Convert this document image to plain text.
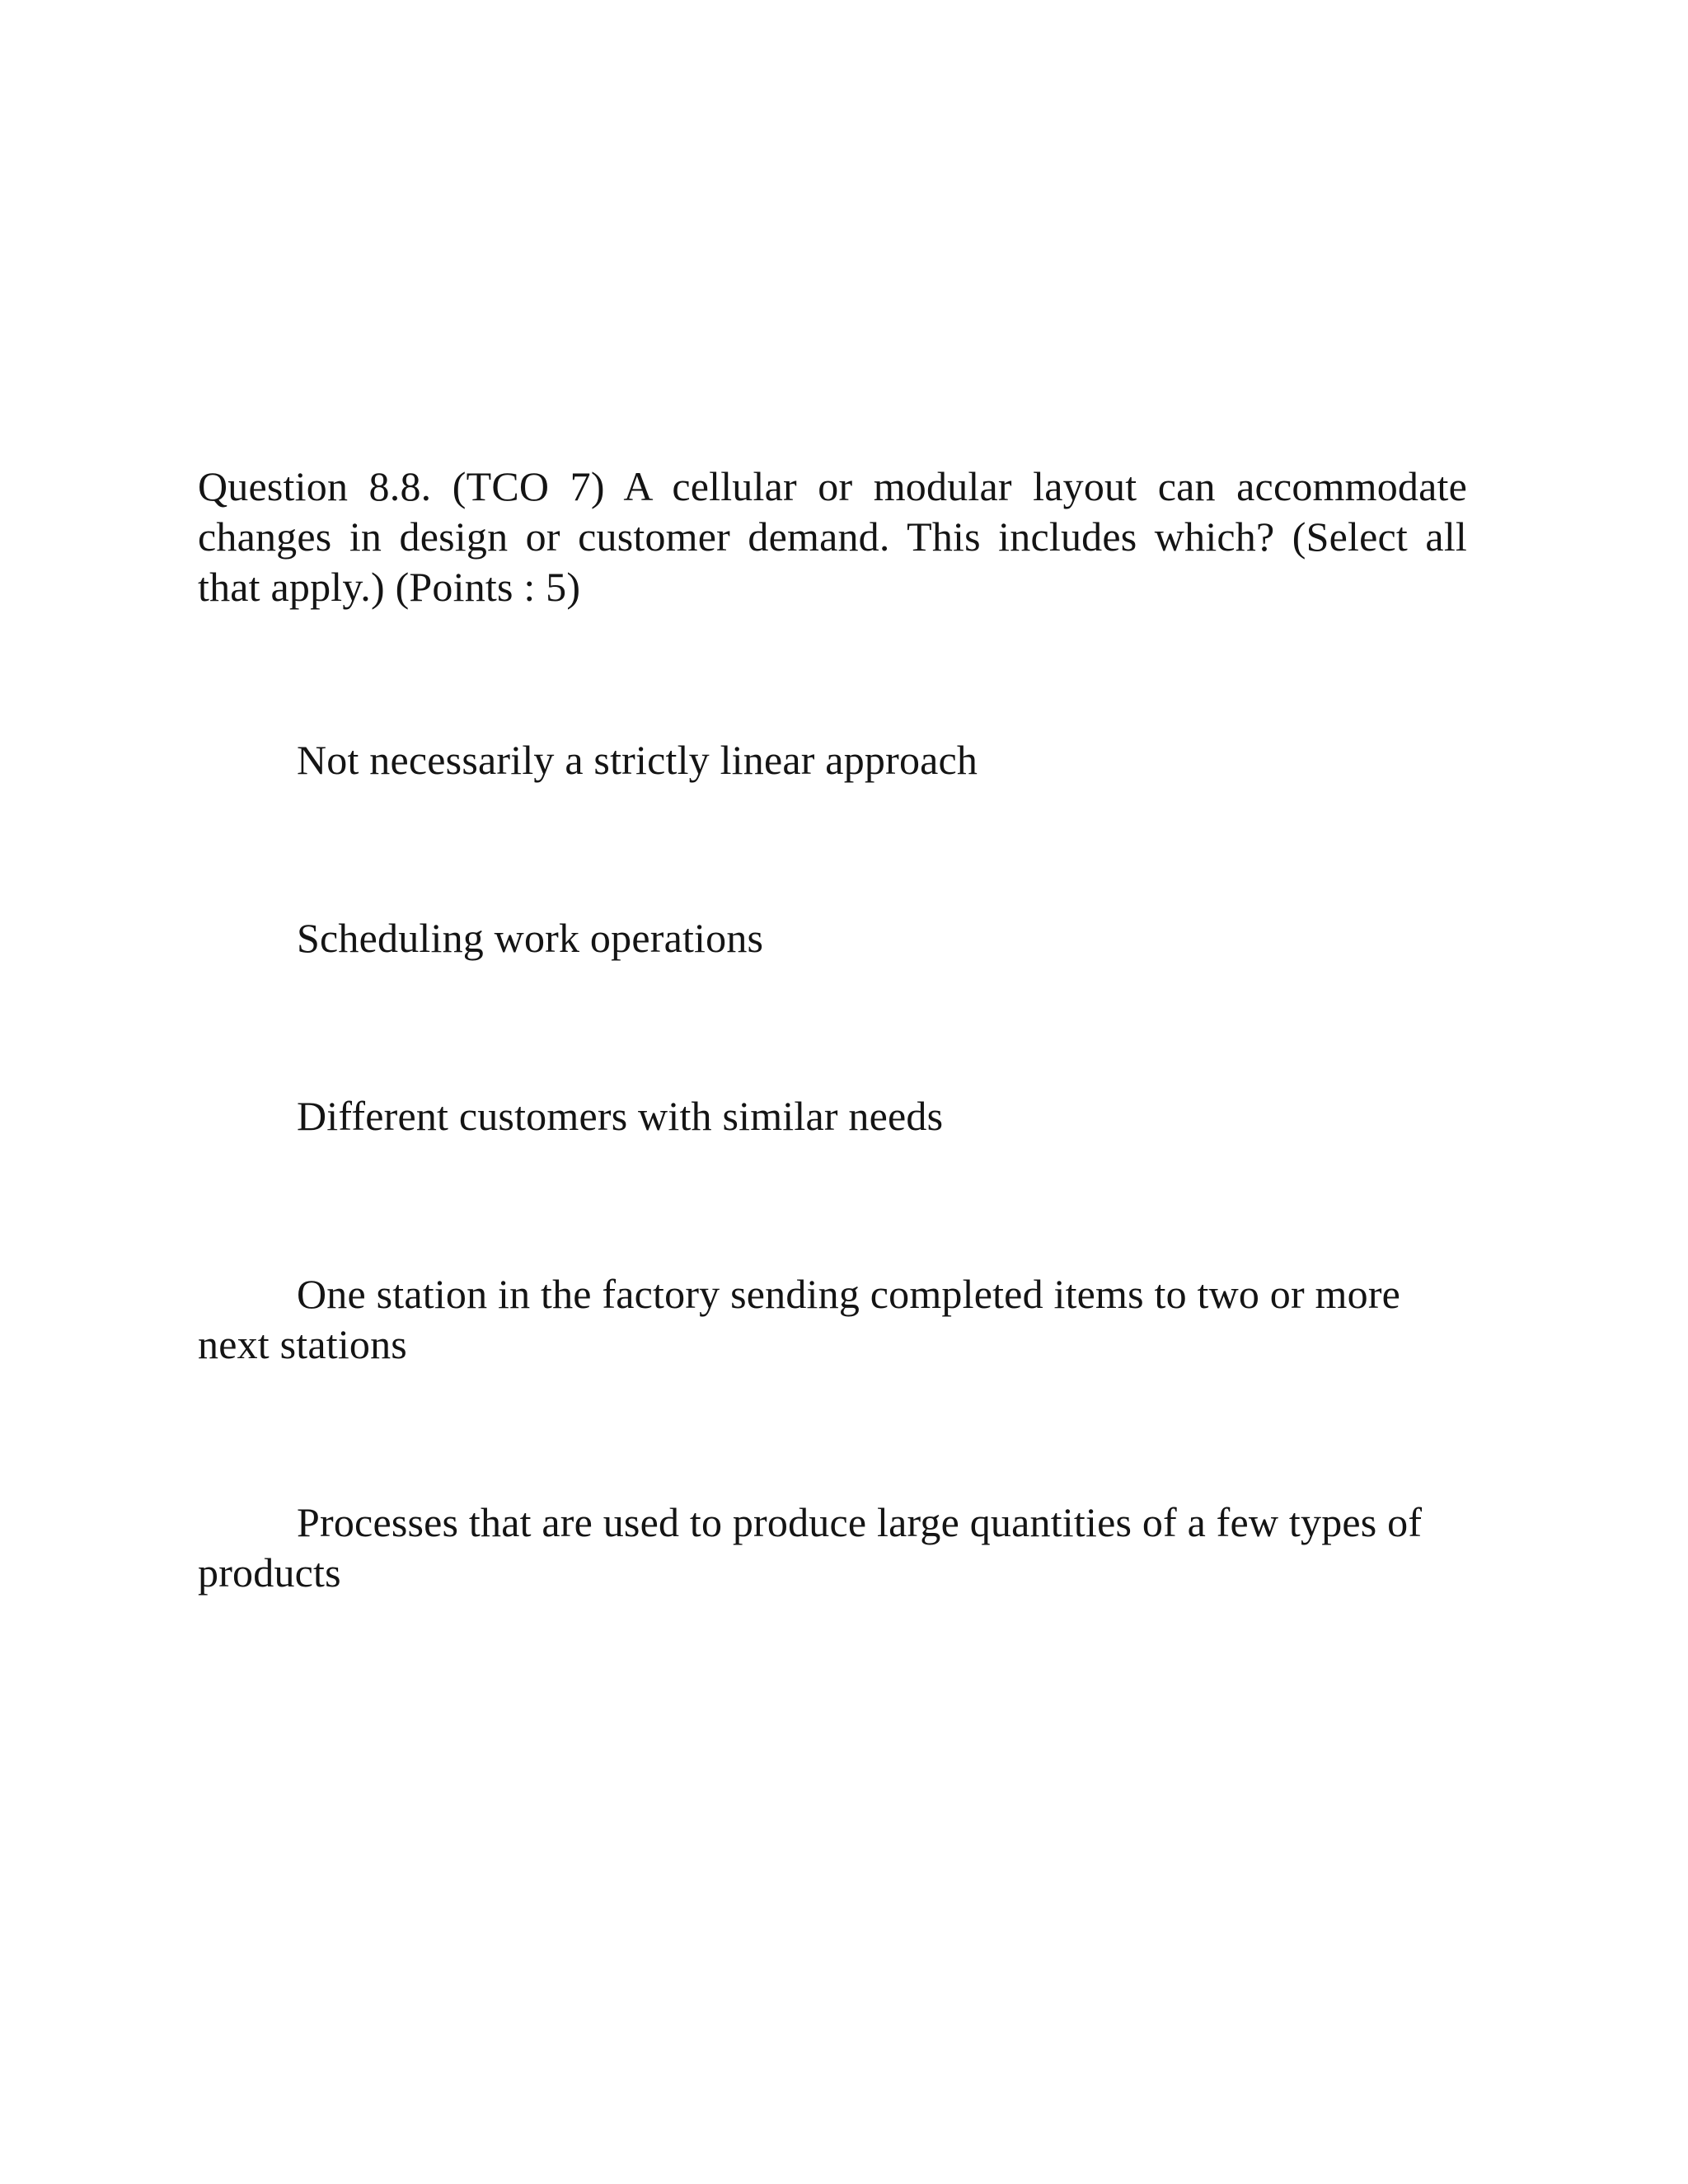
Question 8.8. (TCO 7) A cellular or modular layout can accommodate changes in design or customer demand. This includes which? (Select all that apply.) (Points : 5)

Not necessarily a strictly linear approach
Scheduling work operations
Different customers with similar needs
One station in the factory sending completed items to two or more next stations
Processes that are used to produce large quantities of a few types of products
